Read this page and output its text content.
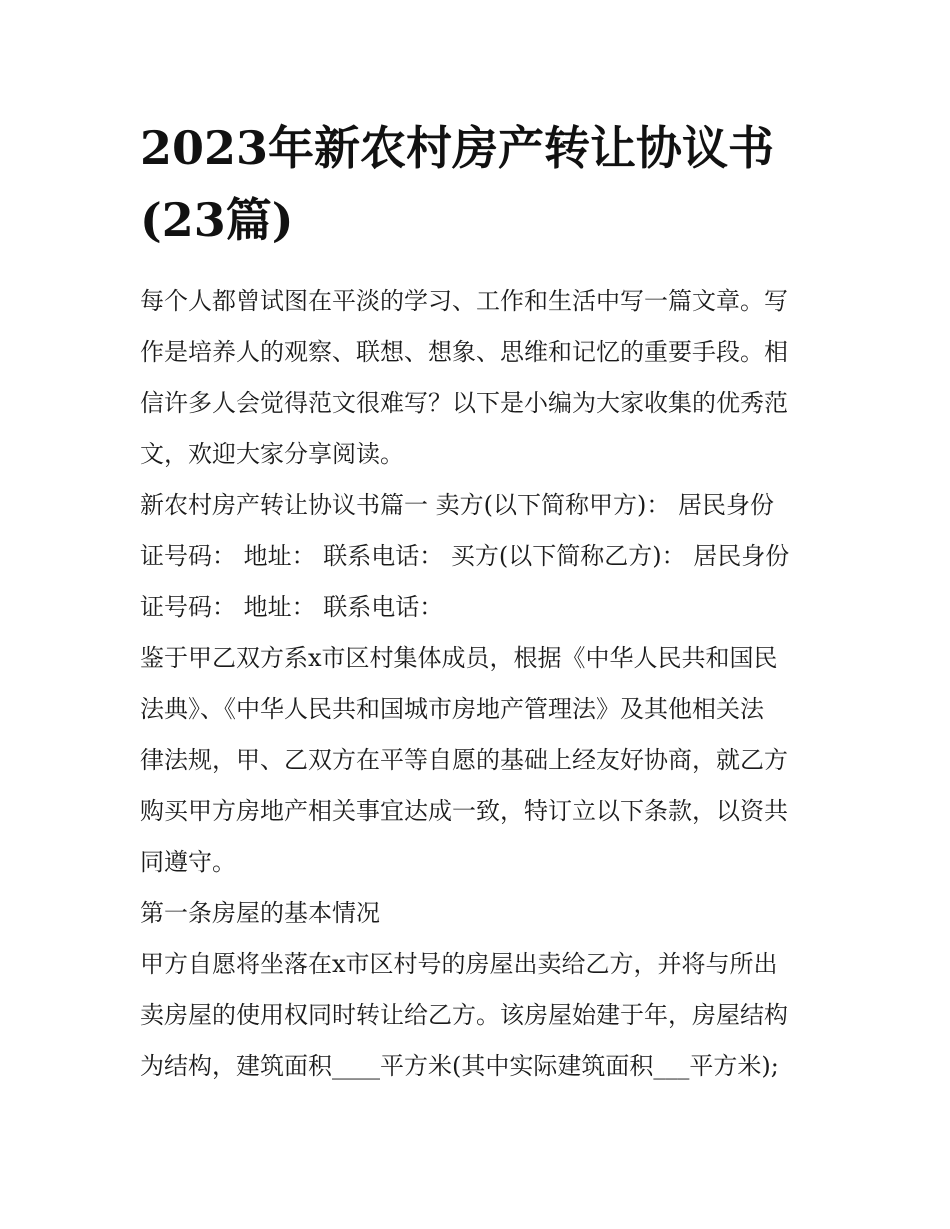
2023年新农村房产转让协议书
(23篇)

每个人都曾试图在平淡的学习、工作和生活中写一篇文章。写
作是培养人的观察、联想、想象、思维和记忆的重要手段。相
信许多人会觉得范文很难写？以下是小编为大家收集的优秀范
文，欢迎大家分享阅读。

新农村房产转让协议书篇一 卖方(以下简称甲方)： 居民身份
证号码： 地址： 联系电话： 买方(以下简称乙方)： 居民身份
证号码： 地址： 联系电话：

鉴于甲乙双方系x市区村集体成员，根据《中华人民共和国民
法典》、《中华人民共和国城市房地产管理法》及其他相关法
律法规，甲、乙双方在平等自愿的基础上经友好协商，就乙方
购买甲方房地产相关事宜达成一致，特订立以下条款，以资共
同遵守。

第一条房屋的基本情况

甲方自愿将坐落在x市区村号的房屋出卖给乙方，并将与所出
卖房屋的使用权同时转让给乙方。该房屋始建于年，房屋结构
为结构，建筑面积____平方米(其中实际建筑面积___平方米);
